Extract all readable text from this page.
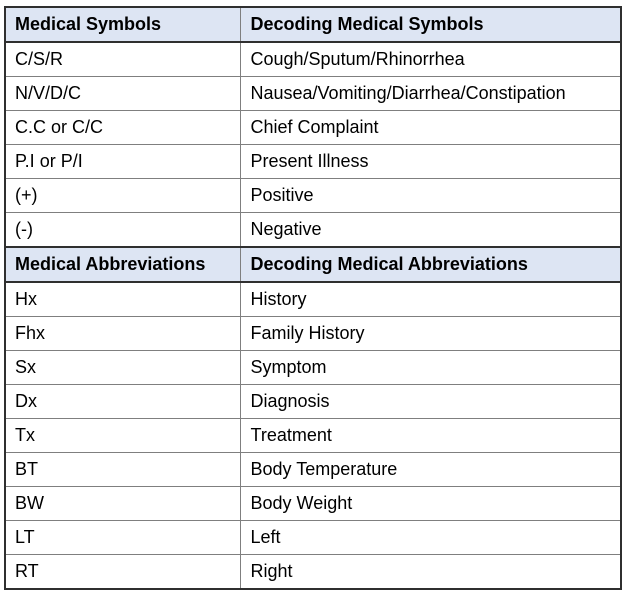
Medical Symbols	Decoding Medical Symbols
C/S/R	Cough/Sputum/Rhinorrhea
N/V/D/C	Nausea/Vomiting/Diarrhea/Constipation
C.C or C/C	Chief Complaint
P.I or P/I	Present Illness
(+)	Positive
(-)	Negative
Medical Abbreviations	Decoding Medical Abbreviations
Hx	History
Fhx	Family History
Sx	Symptom
Dx	Diagnosis
Tx	Treatment
BT	Body Temperature
BW	Body Weight
LT	Left
RT	Right
